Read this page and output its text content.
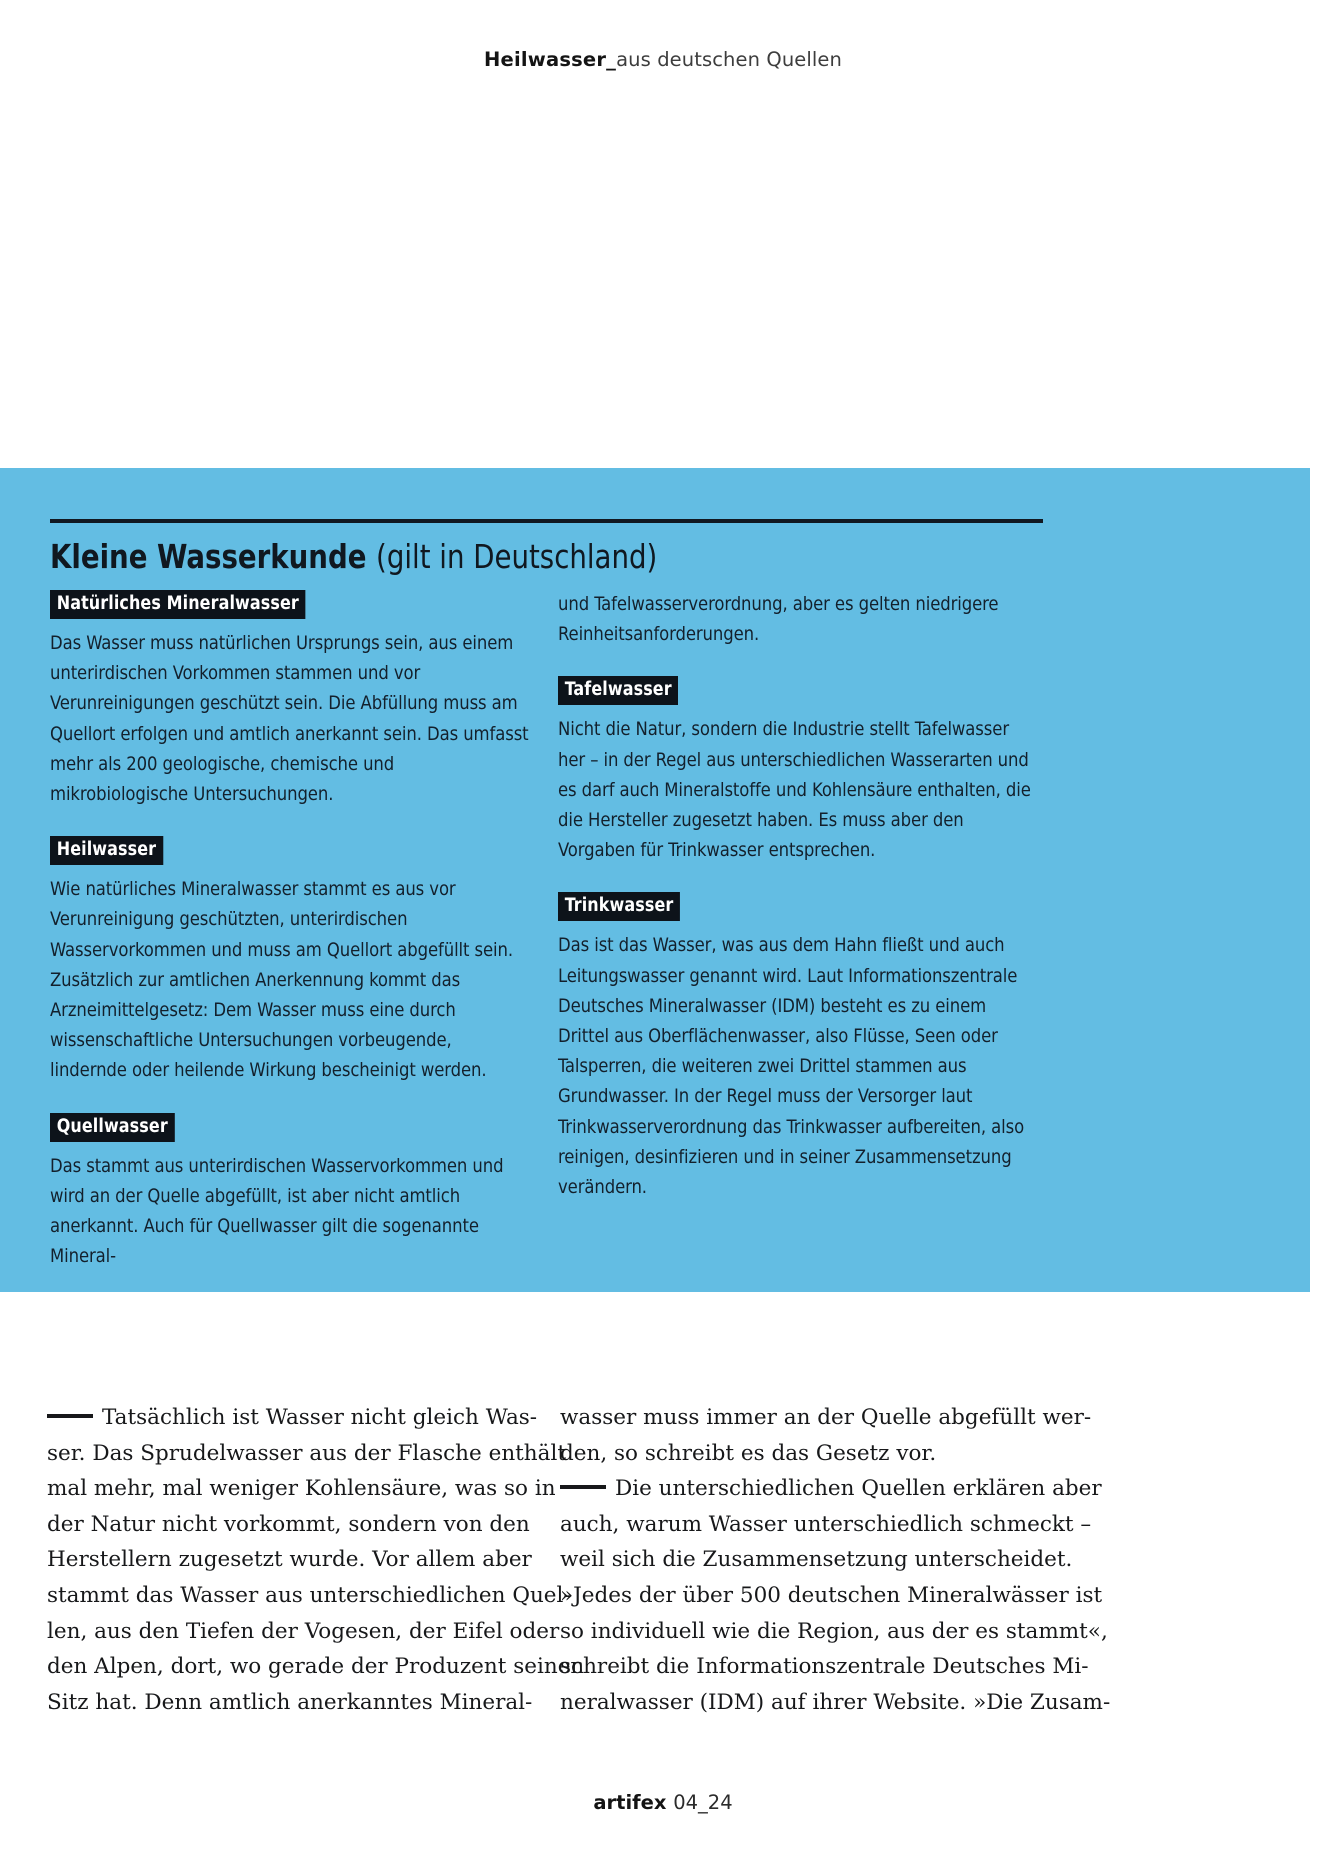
Heilwasser_aus deutschen Quellen
Kleine Wasserkunde (gilt in Deutschland)
Natürliches Mineralwasser

Das Wasser muss natürlichen Ursprungs sein, aus einem unterirdischen Vorkommen stammen und vor Verunreinigungen geschützt sein. Die Abfüllung muss am Quellort erfolgen und amtlich anerkannt sein. Das umfasst mehr als 200 geologische, chemische und mikrobiologische Untersuchungen.

Heilwasser

Wie natürliches Mineralwasser stammt es aus vor Verunreinigung geschützten, unterirdischen Wasservorkommen und muss am Quellort abgefüllt sein. Zusätzlich zur amtlichen Anerkennung kommt das Arzneimittelgesetz: Dem Wasser muss eine durch wissenschaftliche Untersuchungen vorbeugende, lindernde oder heilende Wirkung bescheinigt werden.

Quellwasser

Das stammt aus unterirdischen Wasservorkommen und wird an der Quelle abgefüllt, ist aber nicht amtlich anerkannt. Auch für Quellwasser gilt die sogenannte Mineral-

und Tafelwasserverordnung, aber es gelten niedrigere Reinheitsanforderungen.

Tafelwasser

Nicht die Natur, sondern die Industrie stellt Tafelwasser her – in der Regel aus unterschiedlichen Wasserarten und es darf auch Mineralstoffe und Kohlensäure enthalten, die die Hersteller zugesetzt haben. Es muss aber den Vorgaben für Trinkwasser entsprechen.

Trinkwasser

Das ist das Wasser, was aus dem Hahn fließt und auch Leitungswasser genannt wird. Laut Informationszentrale Deutsches Mineralwasser (IDM) besteht es zu einem Drittel aus Oberflächenwasser, also Flüsse, Seen oder Talsperren, die weiteren zwei Drittel stammen aus Grundwasser. In der Regel muss der Versorger laut Trinkwasserverordnung das Trinkwasser aufbereiten, also reinigen, desinfizieren und in seiner Zusammensetzung verändern.

Tatsächlich ist Wasser nicht gleich Was-
ser. Das Sprudelwasser aus der Flasche enthält
mal mehr, mal weniger Kohlensäure, was so in
der Natur nicht vorkommt, sondern von den
Herstellern zugesetzt wurde. Vor allem aber
stammt das Wasser aus unterschiedlichen Quel-
len, aus den Tiefen der Vogesen, der Eifel oder
den Alpen, dort, wo gerade der Produzent seinen
Sitz hat. Denn amtlich anerkanntes Mineral-

wasser muss immer an der Quelle abgefüllt wer-
den, so schreibt es das Gesetz vor.
Die unterschiedlichen Quellen erklären aber
auch, warum Wasser unterschiedlich schmeckt –
weil sich die Zusammensetzung unterscheidet.
»Jedes der über 500 deutschen Mineralwässer ist
so individuell wie die Region, aus der es stammt«,
schreibt die Informationszentrale Deutsches Mi-
neralwasser (IDM) auf ihrer Website. »Die Zusam-

artifex 04_24
